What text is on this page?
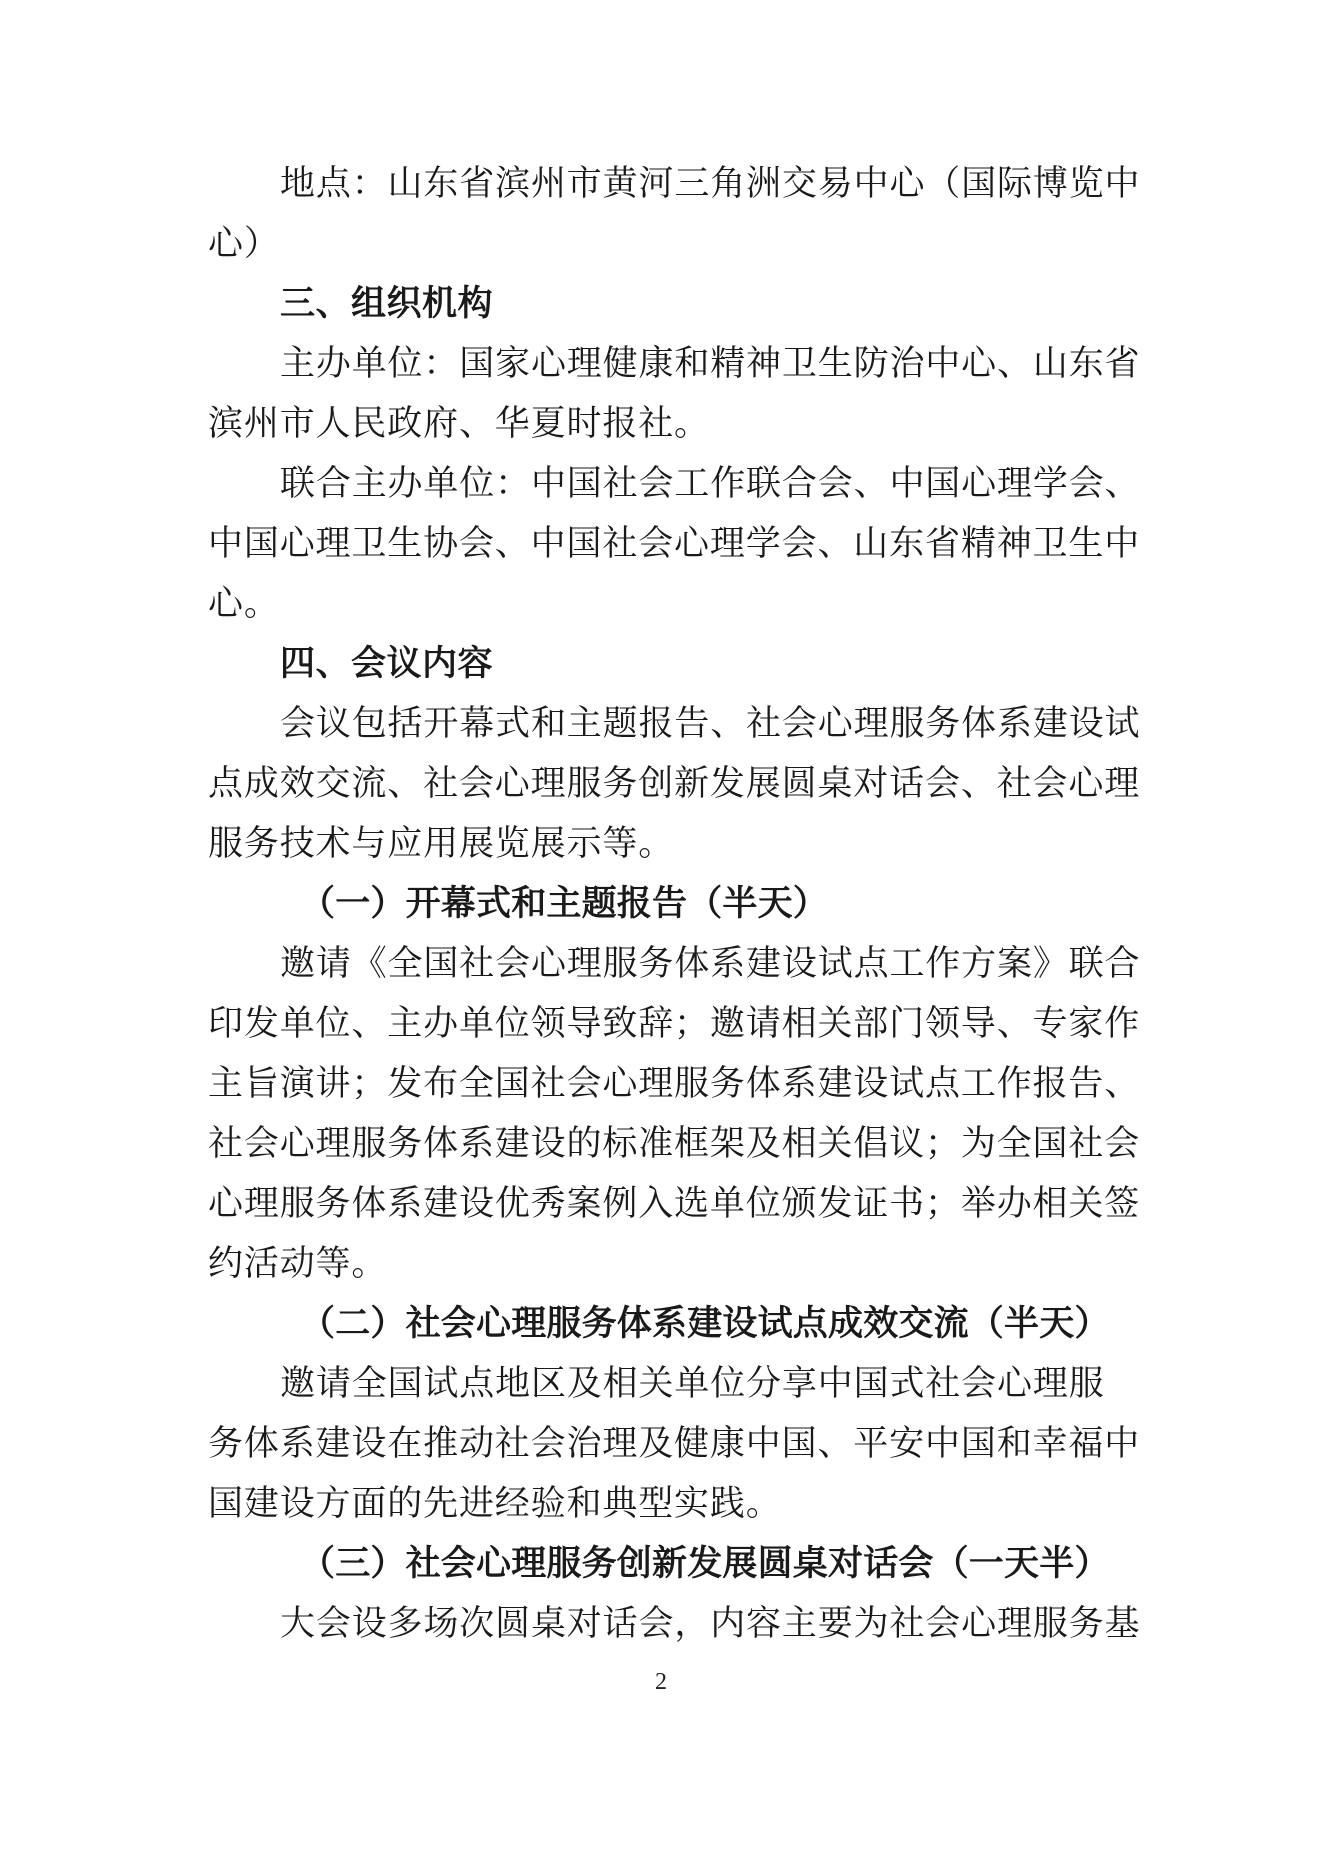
地点：山东省滨州市黄河三角洲交易中心（国际博览中
心）
三、组织机构
主办单位：国家心理健康和精神卫生防治中心、山东省
滨州市人民政府、华夏时报社。
联合主办单位：中国社会工作联合会、中国心理学会、
中国心理卫生协会、中国社会心理学会、山东省精神卫生中
心。
四、会议内容
会议包括开幕式和主题报告、社会心理服务体系建设试
点成效交流、社会心理服务创新发展圆桌对话会、社会心理
服务技术与应用展览展示等。
（一）开幕式和主题报告（半天）
邀请《全国社会心理服务体系建设试点工作方案》联合
印发单位、主办单位领导致辞；邀请相关部门领导、专家作
主旨演讲；发布全国社会心理服务体系建设试点工作报告、
社会心理服务体系建设的标准框架及相关倡议；为全国社会
心理服务体系建设优秀案例入选单位颁发证书；举办相关签
约活动等。
（二）社会心理服务体系建设试点成效交流（半天）
邀请全国试点地区及相关单位分享中国式社会心理服
务体系建设在推动社会治理及健康中国、平安中国和幸福中
国建设方面的先进经验和典型实践。
（三）社会心理服务创新发展圆桌对话会（一天半）
大会设多场次圆桌对话会，内容主要为社会心理服务基
2
